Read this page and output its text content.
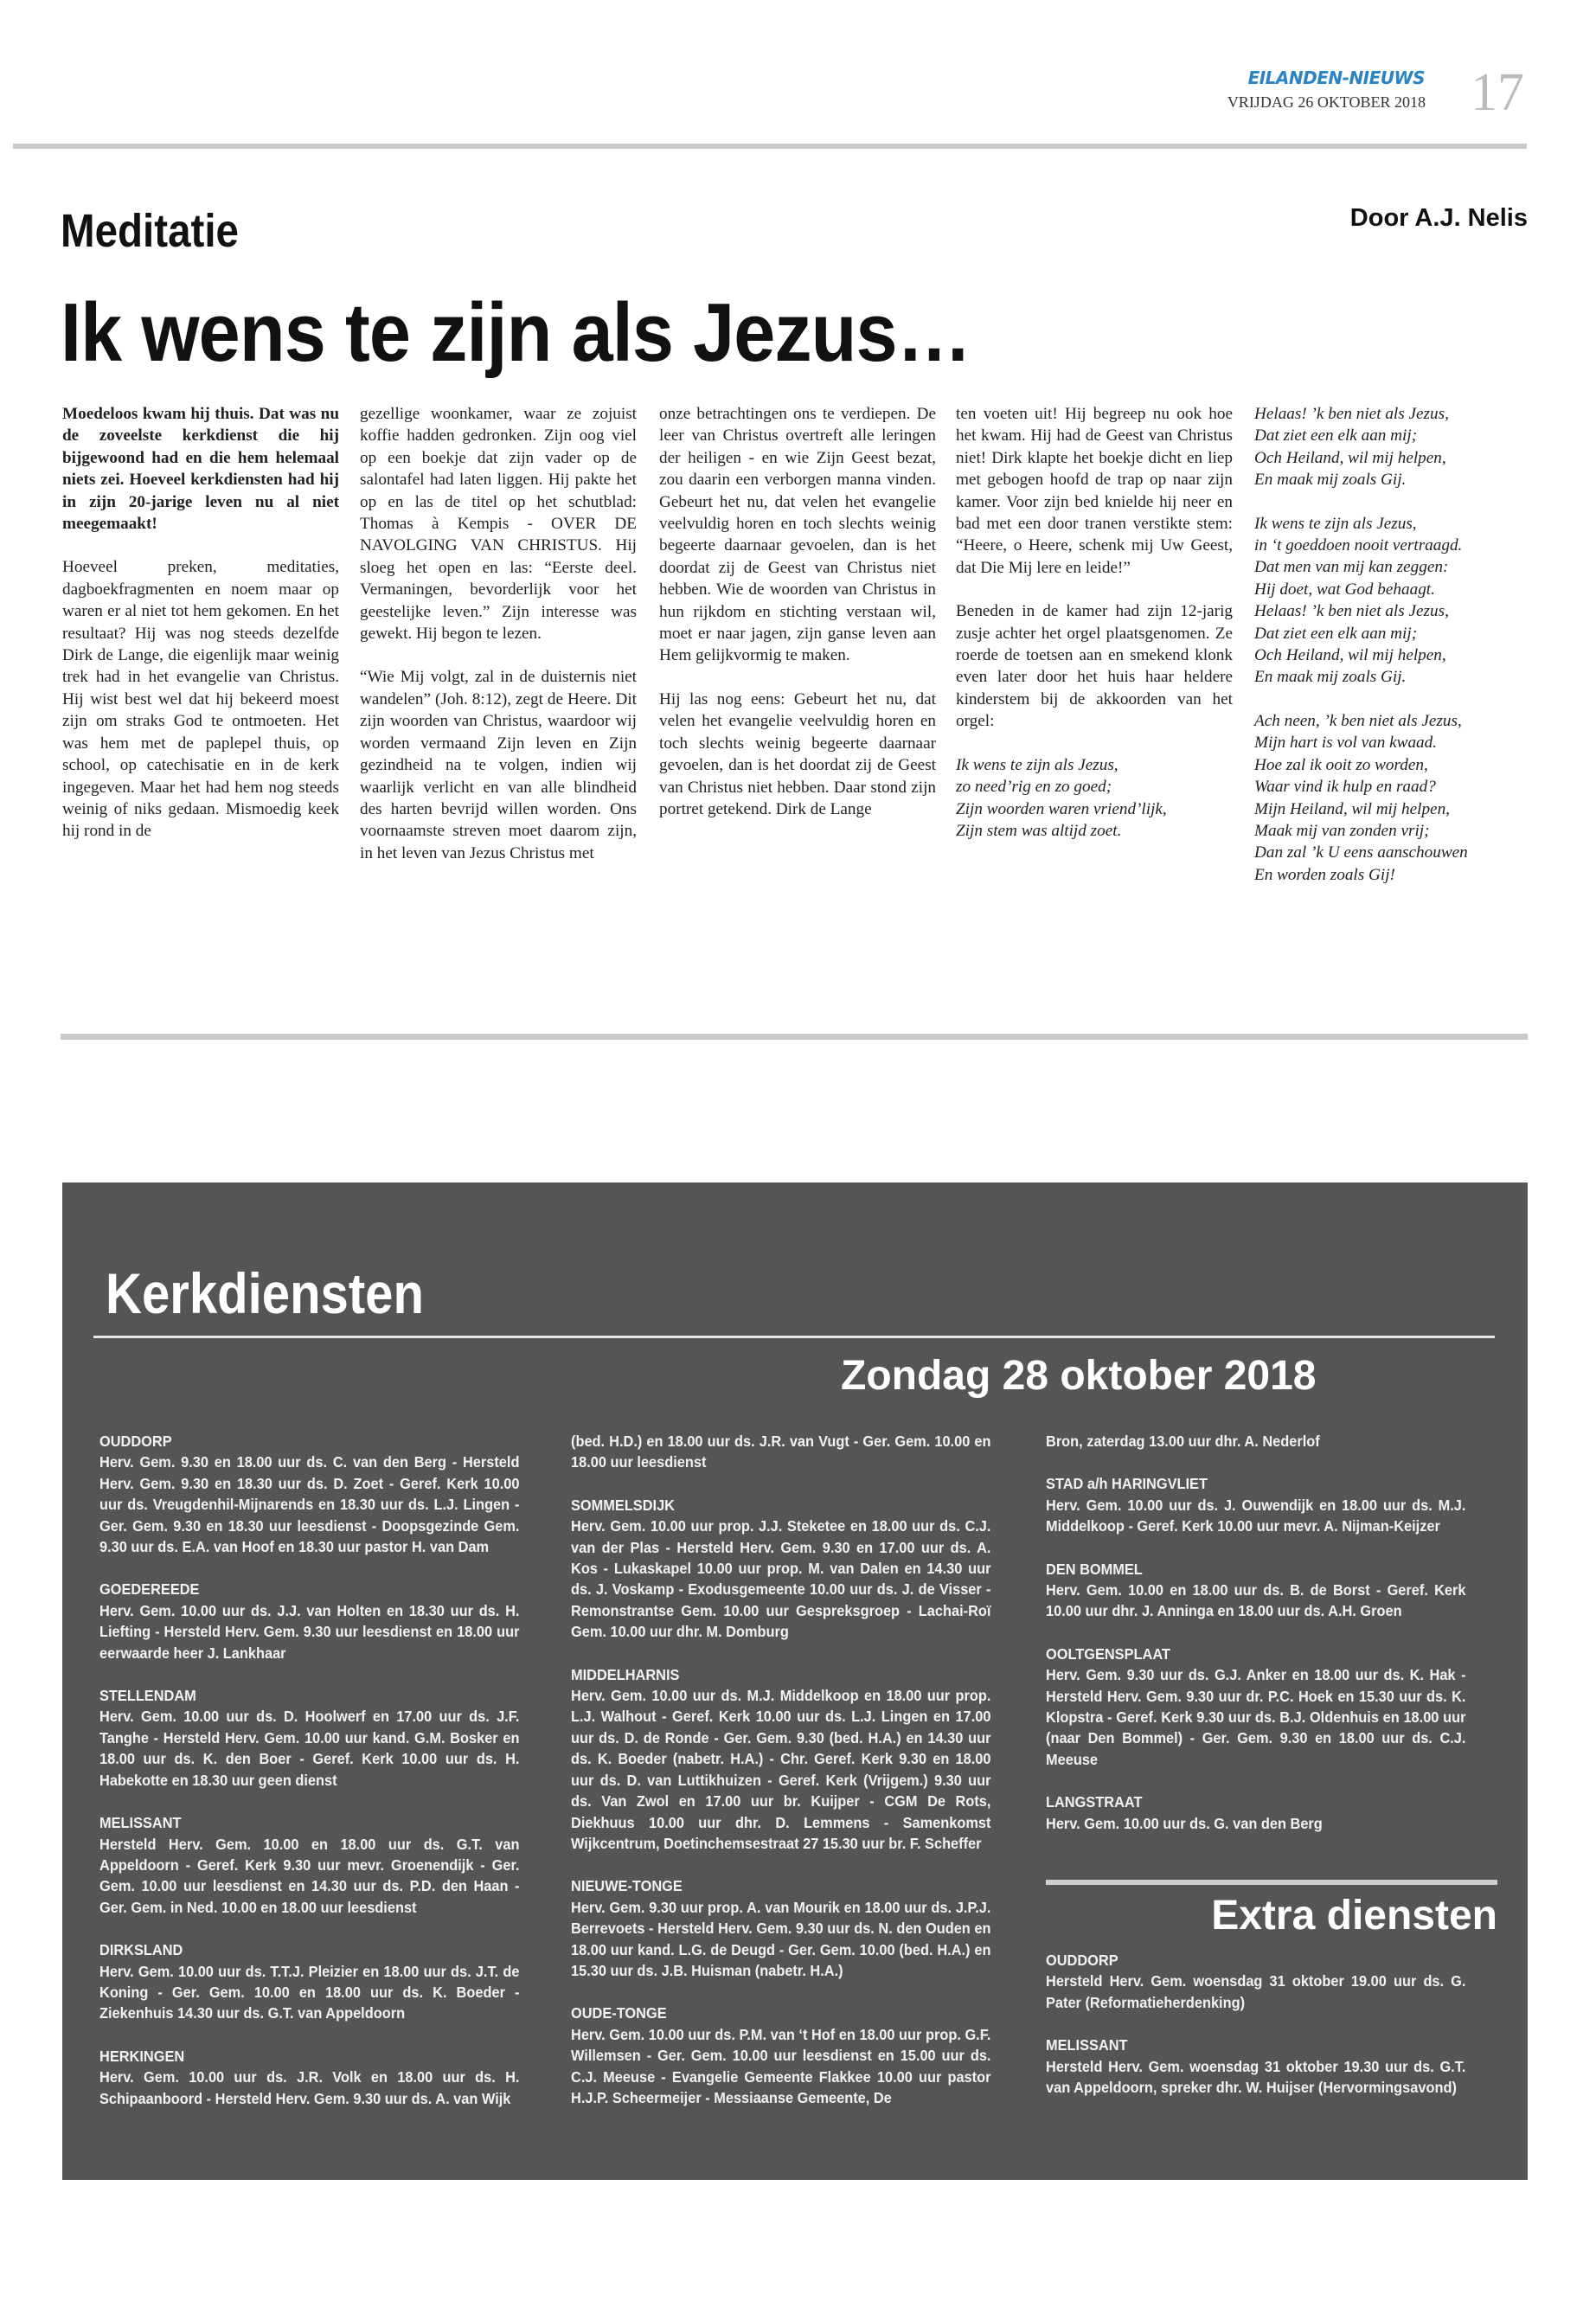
EILANDEN-NIEUWS
VRIJDAG 26 OKTOBER 2018 17
Meditatie	Door A.J. Nelis
Ik wens te zijn als Jezus…

Moedeloos kwam hij thuis. Dat was nu de zoveelste kerkdienst die hij bijgewoond had en die hem helemaal niets zei. Hoeveel kerkdiensten had hij in zijn 20-jarige leven nu al niet meegemaakt!

Hoeveel preken, meditaties, dagboekfragmenten en noem maar op waren er al niet tot hem gekomen. En het resultaat? Hij was nog steeds dezelfde Dirk de Lange, die eigenlijk maar weinig trek had in het evangelie van Christus. Hij wist best wel dat hij bekeerd moest zijn om straks God te ontmoeten. Het was hem met de paplepel thuis, op school, op catechisatie en in de kerk ingegeven. Maar het had hem nog steeds weinig of niks gedaan. Mismoedig keek hij rond in de

gezellige woonkamer, waar ze zojuist koffie hadden gedronken. Zijn oog viel op een boekje dat zijn vader op de salontafel had laten liggen. Hij pakte het op en las de titel op het schutblad: Thomas à Kempis - OVER DE NAVOLGING VAN CHRISTUS. Hij sloeg het open en las: “Eerste deel. Vermaningen, bevorderlijk voor het geestelijke leven.” Zijn interesse was gewekt. Hij begon te lezen.

“Wie Mij volgt, zal in de duisternis niet wandelen” (Joh. 8:12), zegt de Heere. Dit zijn woorden van Christus, waardoor wij worden vermaand Zijn leven en Zijn gezindheid na te volgen, indien wij waarlijk verlicht en van alle blindheid des harten bevrijd willen worden. Ons voornaamste streven moet daarom zijn, in het leven van Jezus Christus met

onze betrachtingen ons te verdiepen. De leer van Christus overtreft alle leringen der heiligen - en wie Zijn Geest bezat, zou daarin een verborgen manna vinden. Gebeurt het nu, dat velen het evangelie veelvuldig horen en toch slechts weinig begeerte daarnaar gevoelen, dan is het doordat zij de Geest van Christus niet hebben. Wie de woorden van Christus in hun rijkdom en stichting verstaan wil, moet er naar jagen, zijn ganse leven aan Hem gelijkvormig te maken.

Hij las nog eens: Gebeurt het nu, dat velen het evangelie veelvuldig horen en toch slechts weinig begeerte daarnaar gevoelen, dan is het doordat zij de Geest van Christus niet hebben. Daar stond zijn portret getekend. Dirk de Lange

ten voeten uit! Hij begreep nu ook hoe het kwam. Hij had de Geest van Christus niet! Dirk klapte het boekje dicht en liep met gebogen hoofd de trap op naar zijn kamer. Voor zijn bed knielde hij neer en bad met een door tranen verstikte stem: “Heere, o Heere, schenk mij Uw Geest, dat Die Mij lere en leide!”

Beneden in de kamer had zijn 12-jarig zusje achter het orgel plaatsgenomen. Ze roerde de toetsen aan en smekend klonk even later door het huis haar heldere kinderstem bij de akkoorden van het orgel:

Ik wens te zijn als Jezus,
zo need’rig en zo goed;
Zijn woorden waren vriend’lijk,
Zijn stem was altijd zoet.

Helaas! ’k ben niet als Jezus,
Dat ziet een elk aan mij;
Och Heiland, wil mij helpen,
En maak mij zoals Gij.

Ik wens te zijn als Jezus,
in ‘t goeddoen nooit vertraagd.
Dat men van mij kan zeggen:
Hij doet, wat God behaagt.
Helaas! ’k ben niet als Jezus,
Dat ziet een elk aan mij;
Och Heiland, wil mij helpen,
En maak mij zoals Gij.

Ach neen, ’k ben niet als Jezus,
Mijn hart is vol van kwaad.
Hoe zal ik ooit zo worden,
Waar vind ik hulp en raad?
Mijn Heiland, wil mij helpen,
Maak mij van zonden vrij;
Dan zal ’k U eens aanschouwen
En worden zoals Gij!

Kerkdiensten
Zondag 28 oktober 2018

OUDDORP
Herv. Gem. 9.30 en 18.00 uur ds. C. van den Berg - Hersteld Herv. Gem. 9.30 en 18.30 uur ds. D. Zoet - Geref. Kerk 10.00 uur ds. Vreugdenhil-Mijnarends en 18.30 uur ds. L.J. Lingen - Ger. Gem. 9.30 en 18.30 uur leesdienst - Doopsgezinde Gem. 9.30 uur ds. E.A. van Hoof en 18.30 uur pastor H. van Dam

GOEDEREEDE
Herv. Gem. 10.00 uur ds. J.J. van Holten en 18.30 uur ds. H. Liefting - Hersteld Herv. Gem. 9.30 uur leesdienst en 18.00 uur eerwaarde heer J. Lankhaar

STELLENDAM
Herv. Gem. 10.00 uur ds. D. Hoolwerf en 17.00 uur ds. J.F. Tanghe - Hersteld Herv. Gem. 10.00 uur kand. G.M. Bosker en 18.00 uur ds. K. den Boer - Geref. Kerk 10.00 uur ds. H. Habekotte en 18.30 uur geen dienst

MELISSANT
Hersteld Herv. Gem. 10.00 en 18.00 uur ds. G.T. van Appeldoorn - Geref. Kerk 9.30 uur mevr. Groenendijk - Ger. Gem. 10.00 uur leesdienst en 14.30 uur ds. P.D. den Haan - Ger. Gem. in Ned. 10.00 en 18.00 uur leesdienst

DIRKSLAND
Herv. Gem. 10.00 uur ds. T.T.J. Pleizier en 18.00 uur ds. J.T. de Koning - Ger. Gem. 10.00 en 18.00 uur ds. K. Boeder - Ziekenhuis 14.30 uur ds. G.T. van Appeldoorn

HERKINGEN
Herv. Gem. 10.00 uur ds. J.R. Volk en 18.00 uur ds. H. Schipaanboord - Hersteld Herv. Gem. 9.30 uur ds. A. van Wijk

(bed. H.D.) en 18.00 uur ds. J.R. van Vugt - Ger. Gem. 10.00 en 18.00 uur leesdienst

SOMMELSDIJK
Herv. Gem. 10.00 uur prop. J.J. Steketee en 18.00 uur ds. C.J. van der Plas - Hersteld Herv. Gem. 9.30 en 17.00 uur ds. A. Kos - Lukaskapel 10.00 uur prop. M. van Dalen en 14.30 uur ds. J. Voskamp - Exodusgemeente 10.00 uur ds. J. de Visser - Remonstrantse Gem. 10.00 uur Gespreksgroep - Lachai-Roï Gem. 10.00 uur dhr. M. Domburg

MIDDELHARNIS
Herv. Gem. 10.00 uur ds. M.J. Middelkoop en 18.00 uur prop. L.J. Walhout - Geref. Kerk 10.00 uur ds. L.J. Lingen en 17.00 uur ds. D. de Ronde - Ger. Gem. 9.30 (bed. H.A.) en 14.30 uur ds. K. Boeder (nabetr. H.A.) - Chr. Geref. Kerk 9.30 en 18.00 uur ds. D. van Luttikhuizen - Geref. Kerk (Vrijgem.) 9.30 uur ds. Van Zwol en 17.00 uur br. Kuijper - CGM De Rots, Diekhuus 10.00 uur dhr. D. Lemmens - Samenkomst Wijkcentrum, Doetinchemsestraat 27 15.30 uur br. F. Scheffer

NIEUWE-TONGE
Herv. Gem. 9.30 uur prop. A. van Mourik en 18.00 uur ds. J.P.J. Berrevoets - Hersteld Herv. Gem. 9.30 uur ds. N. den Ouden en 18.00 uur kand. L.G. de Deugd - Ger. Gem. 10.00 (bed. H.A.) en 15.30 uur ds. J.B. Huisman (nabetr. H.A.)

OUDE-TONGE
Herv. Gem. 10.00 uur ds. P.M. van ‘t Hof en 18.00 uur prop. G.F. Willemsen - Ger. Gem. 10.00 uur leesdienst en 15.00 uur ds. C.J. Meeuse - Evangelie Gemeente Flakkee 10.00 uur pastor H.J.P. Scheermeijer - Messiaanse Gemeente, De

Bron, zaterdag 13.00 uur dhr. A. Nederlof

STAD a/h HARINGVLIET
Herv. Gem. 10.00 uur ds. J. Ouwendijk en 18.00 uur ds. M.J. Middelkoop - Geref. Kerk 10.00 uur mevr. A. Nijman-Keijzer

DEN BOMMEL
Herv. Gem. 10.00 en 18.00 uur ds. B. de Borst - Geref. Kerk 10.00 uur dhr. J. Anninga en 18.00 uur ds. A.H. Groen

OOLTGENSPLAAT
Herv. Gem. 9.30 uur ds. G.J. Anker en 18.00 uur ds. K. Hak - Hersteld Herv. Gem. 9.30 uur dr. P.C. Hoek en 15.30 uur ds. K. Klopstra - Geref. Kerk 9.30 uur ds. B.J. Oldenhuis en 18.00 uur (naar Den Bommel) - Ger. Gem. 9.30 en 18.00 uur ds. C.J. Meeuse

LANGSTRAAT
Herv. Gem. 10.00 uur ds. G. van den Berg

Extra diensten

OUDDORP
Hersteld Herv. Gem. woensdag 31 oktober 19.00 uur ds. G. Pater (Reformatieherdenking)

MELISSANT
Hersteld Herv. Gem. woensdag 31 oktober 19.30 uur ds. G.T. van Appeldoorn, spreker dhr. W. Huijser (Hervormingsavond)
